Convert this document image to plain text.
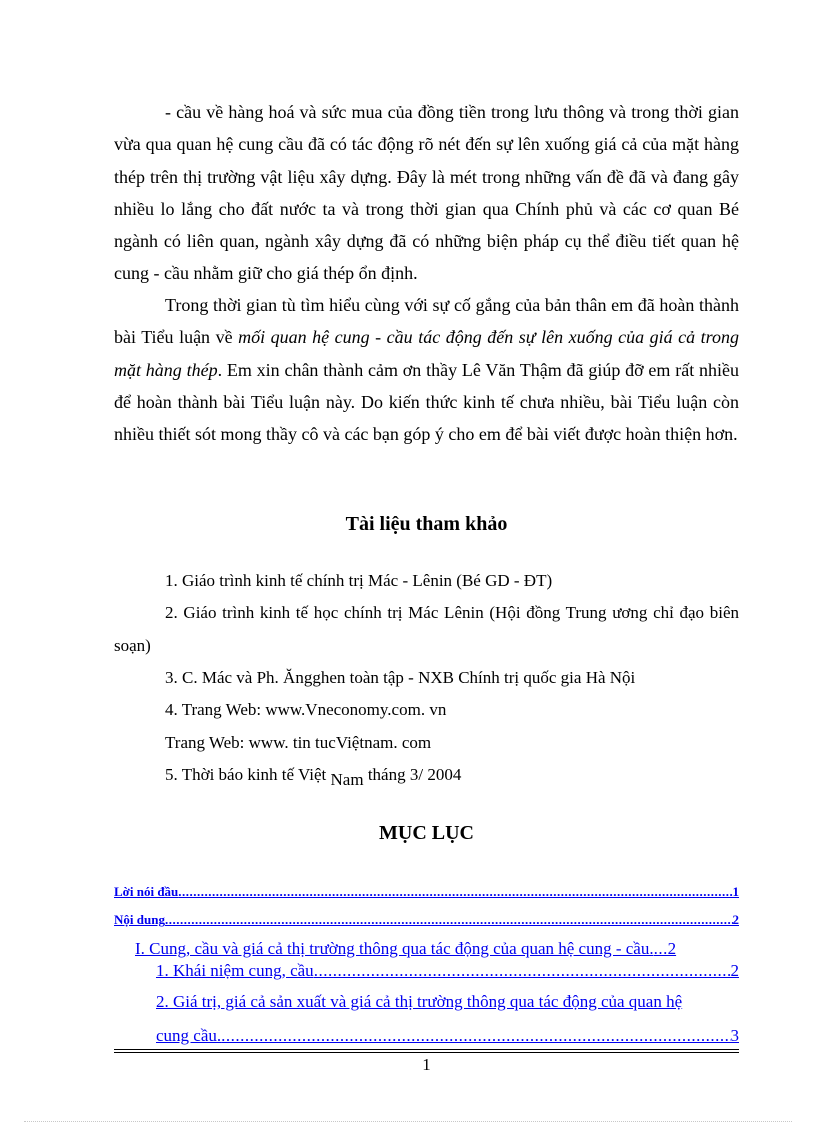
- cầu về hàng hoá và sức mua của đồng tiền trong lưu thông và trong thời gian vừa qua quan hệ cung cầu đã có tác động rõ nét đến sự lên xuống giá cả của mặt hàng thép trên thị trường vật liệu xây dựng. Đây là mét trong những vấn đề đã và đang gây nhiều lo lắng cho đất nước ta và trong thời gian qua Chính phủ và các cơ quan Bé ngành có liên quan, ngành xây dựng đã có những biện pháp cụ thể điều tiết quan hệ cung - cầu nhằm giữ cho giá thép ổn định.

Trong thời gian tù tìm hiểu cùng với sự cố gắng của bản thân em đã hoàn thành bài Tiểu luận về mối quan hệ cung - cầu tác động đến sự lên xuống của giá cả trong mặt hàng thép. Em xin chân thành cảm ơn thầy Lê Văn Thậm đã giúp đỡ em rất nhiều để hoàn thành bài Tiểu luận này. Do kiến thức kinh tế chưa nhiều, bài Tiểu luận còn nhiều thiết sót mong thầy cô và các bạn góp ý cho em để bài viết được hoàn thiện hơn.

Tài liệu tham khảo

1. Giáo trình kinh tế chính trị Mác - Lênin (Bé GD - ĐT)

2. Giáo trình kinh tế học chính trị Mác Lênin (Hội đồng Trung ương chỉ đạo biên soạn)

3. C. Mác và Ph. Ăngghen toàn tập - NXB Chính trị quốc gia Hà Nội

4. Trang Web: www.Vneconomy.com. vn

Trang Web: www. tin tucViệtnam. com

5. Thời báo kinh tế Việt Nam tháng 3/ 2004

MỤC LỤC
Lời nói đầu .....	1
Nội dung .....	2
I. Cung, cầu và giá cả thị trường thông qua tác động của quan hệ cung - cầu. ..... 2
1. Khái niệm cung, cầu .....	2
2. Giá trị, giá cả sản xuất và giá cả thị trường thông qua tác động của quan hệ
cung cầu. .....	3
1
